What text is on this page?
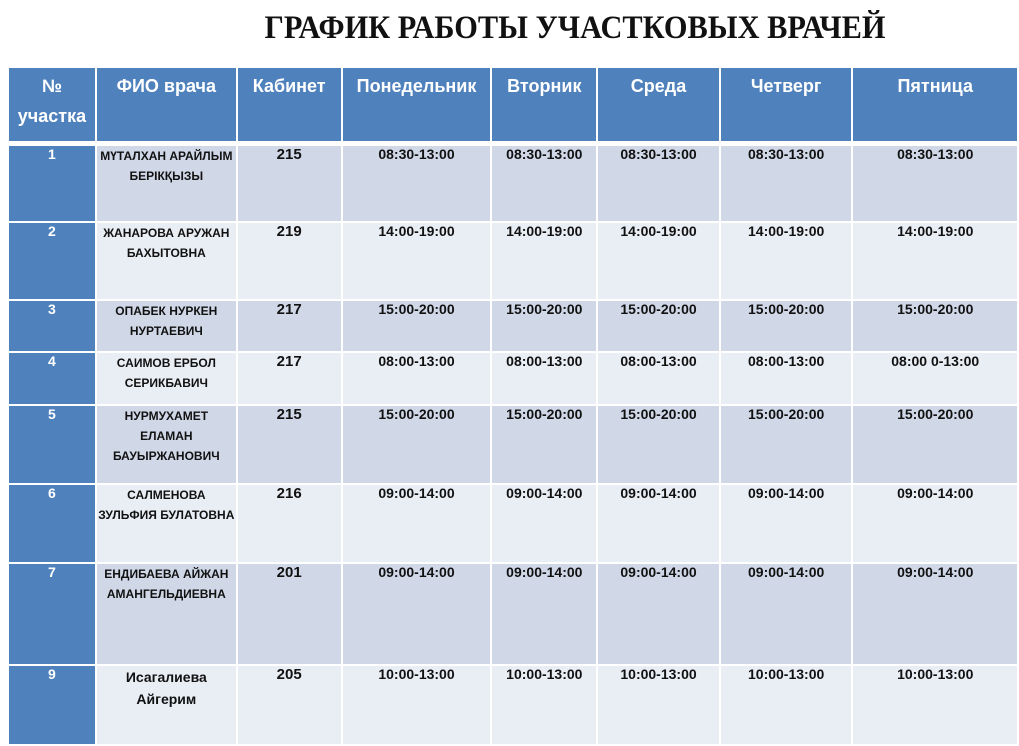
ГРАФИК РАБОТЫ УЧАСТКОВЫХ ВРАЧЕЙ
№ участка	ФИО врача	Кабинет	Понедельник	Вторник	Среда	Четверг	Пятница
1	МҮТАЛХАН АРАЙЛЫМ БЕРІКҚЫЗЫ	215	08:30-13:00	08:30-13:00	08:30-13:00	08:30-13:00	08:30-13:00
2	ЖАНАРОВА АРУЖАН БАХЫТОВНА	219	14:00-19:00	14:00-19:00	14:00-19:00	14:00-19:00	14:00-19:00
3	ОПАБЕК НУРКЕН НУРТАЕВИЧ	217	15:00-20:00	15:00-20:00	15:00-20:00	15:00-20:00	15:00-20:00
4	САИМОВ ЕРБОЛ СЕРИКБАВИЧ	217	08:00-13:00	08:00-13:00	08:00-13:00	08:00-13:00	08:00 0-13:00
5	НУРМУХАМЕТ ЕЛАМАН БАУЫРЖАНОВИЧ	215	15:00-20:00	15:00-20:00	15:00-20:00	15:00-20:00	15:00-20:00
6	САЛМЕНОВА ЗУЛЬФИЯ БУЛАТОВНА	216	09:00-14:00	09:00-14:00	09:00-14:00	09:00-14:00	09:00-14:00
7	ЕНДИБАЕВА АЙЖАН АМАНГЕЛЬДИЕВНА	201	09:00-14:00	09:00-14:00	09:00-14:00	09:00-14:00	09:00-14:00
9	Исагалиева Айгерим	205	10:00-13:00	10:00-13:00	10:00-13:00	10:00-13:00	10:00-13:00
